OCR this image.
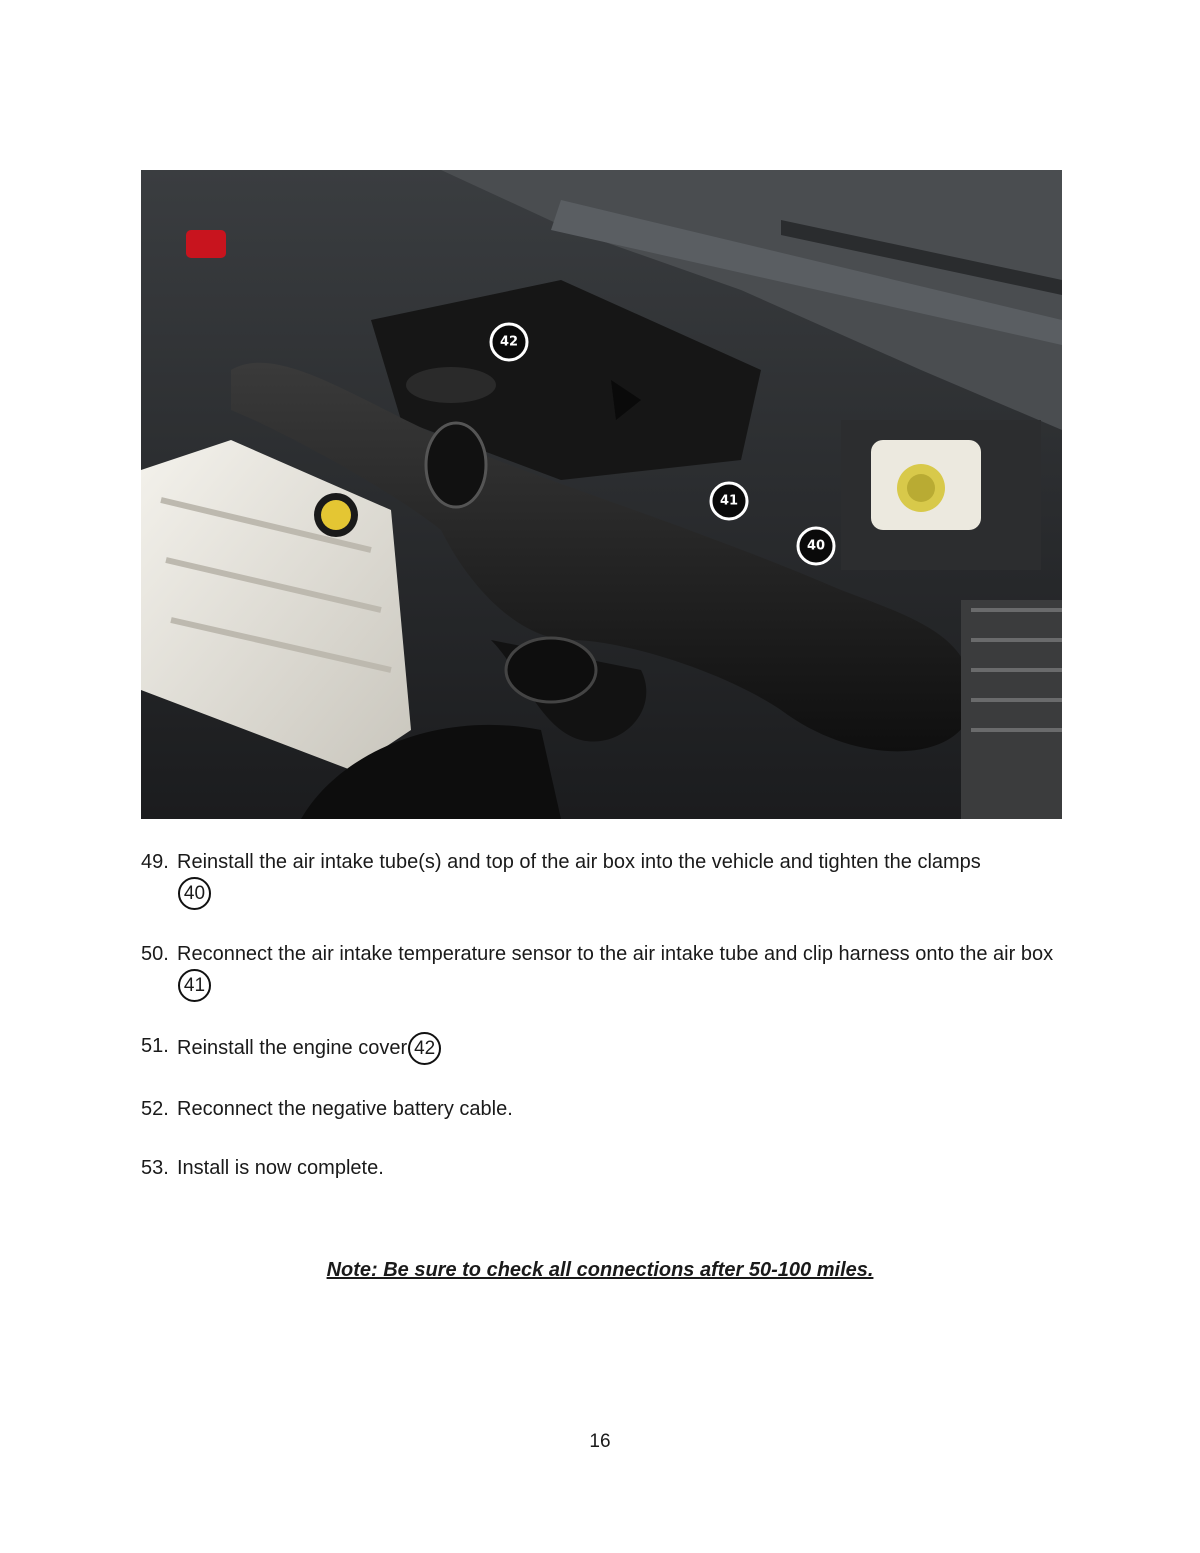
42
41
40
49. Reinstall the air intake tube(s) and top of the air box into the vehicle and tighten the clamps
40
50. Reconnect the air intake temperature sensor to the air intake tube and clip harness onto the air box41
51. Reinstall the engine cover 42
52. Reconnect the negative battery cable.
53. Install is now complete.
Note: Be sure to check all connections after 50-100 miles.
16
